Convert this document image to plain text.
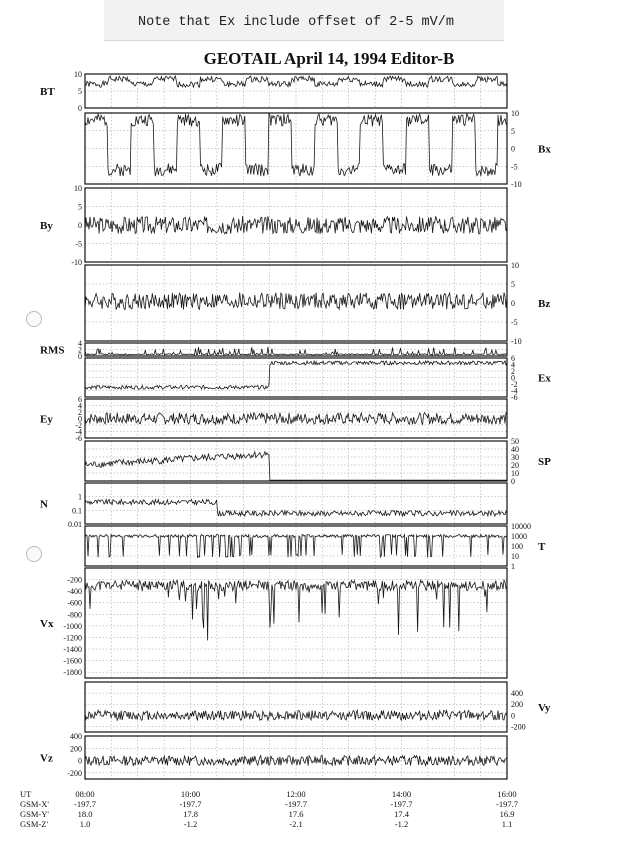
Note that Ex include offset of 2-5 mV/m
GEOTAIL April 14, 1994 Editor-B
10
5
0
BT
10
5
0
-5
-10
Bx
10
5
0
-5
-10
By
10
5
0
-5
-10
Bz
4
2
0
RMS
6
4
2
0
-2
-4
-6
Ex
6
4
2
0
-2
-4
-6
Ey
50
40
30
20
10
0
SP
1
0.1
0.01
N
10000
1000
100
10
1
T
-200
-400
-600
-800
-1000
-1200
-1400
-1600
-1800
Vx
400
200
0
-200
Vy
400
200
0
-200
Vz
UT	08:00	10:00	12:00	14:00	16:00
GSM-X'	-197.7	-197.7	-197.7	-197.7	-197.7
GSM-Y'	18.0	17.8	17.6	17.4	16.9
GSM-Z'	1.0	-1.2	-2.1	-1.2	1.1
